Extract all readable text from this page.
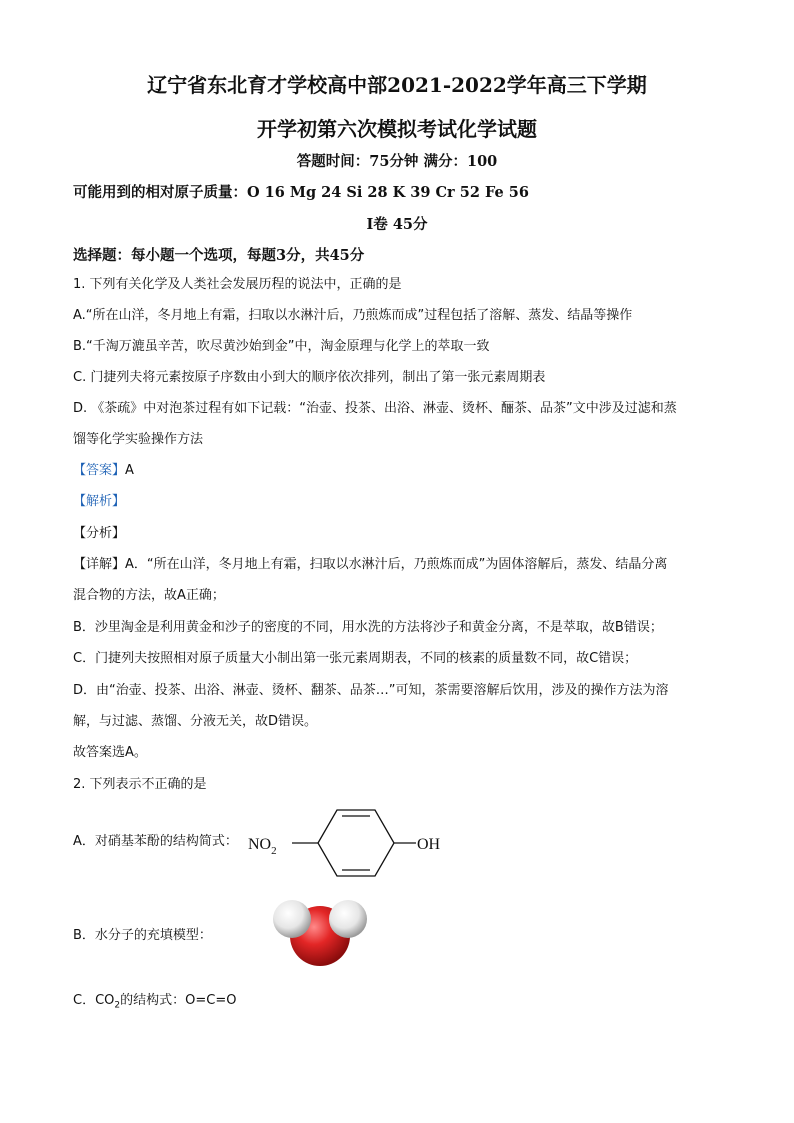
辽宁省东北育才学校高中部2021-2022学年高三下学期
开学初第六次模拟考试化学试题
答题时间：75分钟 满分：100
可能用到的相对原子质量：O 16 Mg 24 Si 28 K 39 Cr 52 Fe 56
I卷 45分
选择题：每小题一个选项，每题3分，共45分
1. 下列有关化学及人类社会发展历程的说法中，正确的是
A.“所在山洋，冬月地上有霜，扫取以水淋汁后，乃煎炼而成”过程包括了溶解、蒸发、结晶等操作
B.“千淘万漉虽辛苦，吹尽黄沙始到金”中，淘金原理与化学上的萃取一致
C. 门捷列夫将元素按原子序数由小到大的顺序依次排列，制出了第一张元素周期表
D. 《茶疏》中对泡茶过程有如下记载：“治壶、投茶、出浴、淋壶、烫杯、酾茶、品茶”文中涉及过滤和蒸
馏等化学实验操作方法
【答案】A
【解析】
【分析】
【详解】A．“所在山洋，冬月地上有霜，扫取以水淋汁后，乃煎炼而成”为固体溶解后，蒸发、结晶分离
混合物的方法，故A正确；
B．沙里淘金是利用黄金和沙子的密度的不同，用水洗的方法将沙子和黄金分离，不是萃取，故B错误；
C．门捷列夫按照相对原子质量大小制出第一张元素周期表，不同的核素的质量数不同，故C错误；
D．由“治壶、投茶、出浴、淋壶、烫杯、翻茶、品茶…”可知，茶需要溶解后饮用，涉及的操作方法为溶
解，与过滤、蒸馏、分液无关，故D错误。
故答案选A。
2. 下列表示不正确的是
A．对硝基苯酚的结构简式： $NO_2$	OH
B．水分子的充填模型：
C．$CO_2$的结构式：O=C=O
